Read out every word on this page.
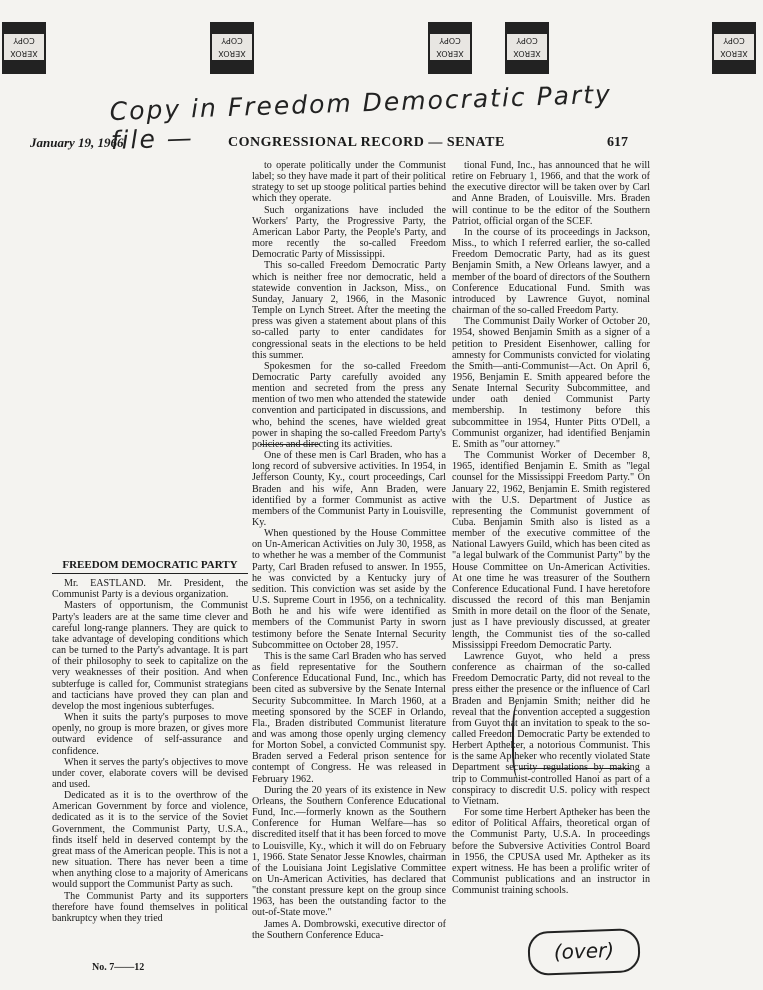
XEROX COPY
XEROX COPY
XEROX COPY
XEROX COPY
XEROX COPY
Copy in Freedom Democratic Party file —
January 19, 1966	CONGRESSIONAL RECORD — SENATE	617
FREEDOM DEMOCRATIC PARTY

Mr. EASTLAND. Mr. President, the Communist Party is a devious organization.

Masters of opportunism, the Communist Party's leaders are at the same time clever and careful long-range planners. They are quick to take advantage of developing conditions which can be turned to the Party's advantage. It is part of their philosophy to seek to capitalize on the very weaknesses of their position. And when subterfuge is called for, Communist strategians and tacticians have proved they can plan and develop the most ingenious subterfuges.

When it suits the party's purposes to move openly, no group is more brazen, or gives more outward evidence of self-assurance and confidence.

When it serves the party's objectives to move under cover, elaborate covers will be devised and used.

Dedicated as it is to the overthrow of the American Government by force and violence, dedicated as it is to the service of the Soviet Government, the Communist Party, U.S.A., finds itself held in deserved contempt by the great mass of the American people. This is not a new situation. There has never been a time when anything close to a majority of Americans would support the Communist Party as such.

The Communist Party and its supporters therefore have found themselves in political bankruptcy when they tried

to operate politically under the Communist label; so they have made it part of their political strategy to set up stooge political parties behind which they operate.

Such organizations have included the Workers' Party, the Progressive Party, the American Labor Party, the People's Party, and more recently the so-called Freedom Democratic Party of Mississippi.

This so-called Freedom Democratic Party which is neither free nor democratic, held a statewide convention in Jackson, Miss., on Sunday, January 2, 1966, in the Masonic Temple on Lynch Street. After the meeting the press was given a statement about plans of this so-called party to enter candidates for congressional seats in the elections to be held this summer.

Spokesmen for the so-called Freedom Democratic Party carefully avoided any mention and secreted from the press any mention of two men who attended the statewide convention and participated in discussions, and who, behind the scenes, have wielded great power in shaping the so-called Freedom Party's policies and directing its activities.

One of these men is Carl Braden, who has a long record of subversive activities. In 1954, in Jefferson County, Ky., court proceedings, Carl Braden and his wife, Ann Braden, were identified by a former Communist as active members of the Communist Party in Louisville, Ky.

When questioned by the House Committee on Un-American Activities on July 30, 1958, as to whether he was a member of the Communist Party, Carl Braden refused to answer. In 1955, he was convicted by a Kentucky jury of sedition. This conviction was set aside by the U.S. Supreme Court in 1956, on a technicality. Both he and his wife were identified as members of the Communist Party in sworn testimony before the Senate Internal Security Subcommittee on October 28, 1957.

This is the same Carl Braden who has served as field representative for the Southern Conference Educational Fund, Inc., which has been cited as subversive by the Senate Internal Security Subcommittee. In March 1960, at a meeting sponsored by the SCEF in Orlando, Fla., Braden distributed Communist literature and was among those openly urging clemency for Morton Sobel, a convicted Communist spy. Braden served a Federal prison sentence for contempt of Congress. He was released in February 1962.

During the 20 years of its existence in New Orleans, the Southern Conference Educational Fund, Inc.—formerly known as the Southern Conference for Human Welfare—has so discredited itself that it has been forced to move to Louisville, Ky., which it will do on February 1, 1966. State Senator Jesse Knowles, chairman of the Louisiana Joint Legislative Committee on Un-American Activities, has declared that "the constant pressure kept on the group since 1963, has been the outstanding factor to the out-of-State move."

James A. Dombrowski, executive director of the Southern Conference Educa-

tional Fund, Inc., has announced that he will retire on February 1, 1966, and that the work of the executive director will be taken over by Carl and Anne Braden, of Louisville. Mrs. Braden will continue to be the editor of the Southern Patriot, official organ of the SCEF.

In the course of its proceedings in Jackson, Miss., to which I referred earlier, the so-called Freedom Democratic Party, had as its guest Benjamin Smith, a New Orleans lawyer, and a member of the board of directors of the Southern Conference Educational Fund. Smith was introduced by Lawrence Guyot, nominal chairman of the so-called Freedom Party.

The Communist Daily Worker of October 20, 1954, showed Benjamin Smith as a signer of a petition to President Eisenhower, calling for amnesty for Communists convicted for violating the Smith—anti-Communist—Act. On April 6, 1956, Benjamin E. Smith appeared before the Senate Internal Security Subcommittee, and under oath denied Communist Party membership. In testimony before this subcommittee in 1954, Hunter Pitts O'Dell, a Communist organizer, had identified Benjamin E. Smith as "our attorney."

The Communist Worker of December 8, 1965, identified Benjamin E. Smith as "legal counsel for the Mississippi Freedom Party." On January 22, 1962, Benjamin E. Smith registered with the U.S. Department of Justice as representing the Communist government of Cuba. Benjamin Smith also is listed as a member of the executive committee of the National Lawyers Guild, which has been cited as "a legal bulwark of the Communist Party" by the House Committee on Un-American Activities. At one time he was treasurer of the Southern Conference Educational Fund. I have heretofore discussed the record of this man Benjamin Smith in more detail on the floor of the Senate, just as I have previously discussed, at greater length, the Communist ties of the so-called Mississippi Freedom Democratic Party.

Lawrence Guyot, who held a press conference as chairman of the so-called Freedom Democratic Party, did not reveal to the press either the presence or the influence of Carl Braden and Benjamin Smith; neither did he reveal that the convention accepted a suggestion from Guyot that an invitation to speak to the so-called Freedom Democratic Party be extended to Herbert Aptheker, a notorious Communist. This is the same Aptheker who recently violated State Department security regulations by making a trip to Communist-controlled Hanoi as part of a conspiracy to discredit U.S. policy with respect to Vietnam.

For some time Herbert Aptheker has been the editor of Political Affairs, theoretical organ of the Communist Party, U.S.A. In proceedings before the Subversive Activities Control Board in 1956, the CPUSA used Mr. Aptheker as its expert witness. He has been a prolific writer of Communist publications and an instructor in Communist training schools.

(over)
No. 7——12
